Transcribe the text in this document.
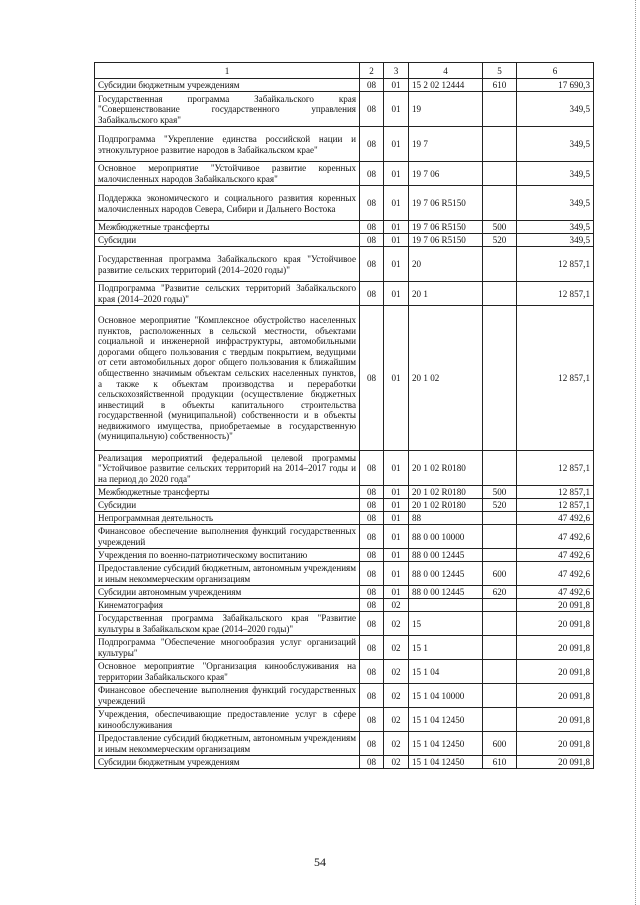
1	2	3	4	5	6
Субсидии бюджетным учреждениям	08	01	15 2 02 12444	610	17 690,3
Государственная программа Забайкальского края "Совершенствование государственного управления Забайкальского края"	08	01	19		349,5
Подпрограмма "Укрепление единства российской нации и этнокультурное развитие народов в Забайкальском крае"	08	01	19 7		349,5
Основное мероприятие "Устойчивое развитие коренных малочисленных народов Забайкальского края"	08	01	19 7 06		349,5
Поддержка экономического и социального развития коренных малочисленных народов Севера, Сибири и Дальнего Востока	08	01	19 7 06 R5150		349,5
Межбюджетные трансферты	08	01	19 7 06 R5150	500	349,5
Субсидии	08	01	19 7 06 R5150	520	349,5
Государственная программа Забайкальского края "Устойчивое развитие сельских территорий (2014–2020 годы)"	08	01	20		12 857,1
Подпрограмма "Развитие сельских территорий Забайкальского края (2014–2020 годы)"	08	01	20 1		12 857,1
Основное мероприятие "Комплексное обустройство населенных пунктов, расположенных в сельской местности, объектами социальной и инженерной инфраструктуры, автомобильными дорогами общего пользования с твердым покрытием, ведущими от сети автомобильных дорог общего пользования к ближайшим общественно значимым объектам сельских населенных пунктов, а также к объектам производства и переработки сельскохозяйственной продукции (осуществление бюджетных инвестиций в объекты капитального строительства государственной (муниципальной) собственности и в объекты недвижимого имущества, приобретаемые в государственную (муниципальную) собственность)"	08	01	20 1 02		12 857,1
Реализация мероприятий федеральной целевой программы "Устойчивое развитие сельских территорий на 2014–2017 годы и на период до 2020 года"	08	01	20 1 02 R0180		12 857,1
Межбюджетные трансферты	08	01	20 1 02 R0180	500	12 857,1
Субсидии	08	01	20 1 02 R0180	520	12 857,1
Непрограммная деятельность	08	01	88		47 492,6
Финансовое обеспечение выполнения функций государственных учреждений	08	01	88 0 00 10000		47 492,6
Учреждения по военно-патриотическому воспитанию	08	01	88 0 00 12445		47 492,6
Предоставление субсидий бюджетным, автономным учреждениям и иным некоммерческим организациям	08	01	88 0 00 12445	600	47 492,6
Субсидии автономным учреждениям	08	01	88 0 00 12445	620	47 492,6
Кинематография	08	02			20 091,8
Государственная программа Забайкальского края "Развитие культуры в Забайкальском крае (2014–2020 годы)"	08	02	15		20 091,8
Подпрограмма "Обеспечение многообразия услуг организаций культуры"	08	02	15 1		20 091,8
Основное мероприятие "Организация кинообслуживания на территории Забайкальского края"	08	02	15 1 04		20 091,8
Финансовое обеспечение выполнения функций государственных учреждений	08	02	15 1 04 10000		20 091,8
Учреждения, обеспечивающие предоставление услуг в сфере кинообслуживания	08	02	15 1 04 12450		20 091,8
Предоставление субсидий бюджетным, автономным учреждениям и иным некоммерческим организациям	08	02	15 1 04 12450	600	20 091,8
Субсидии бюджетным учреждениям	08	02	15 1 04 12450	610	20 091,8
54
